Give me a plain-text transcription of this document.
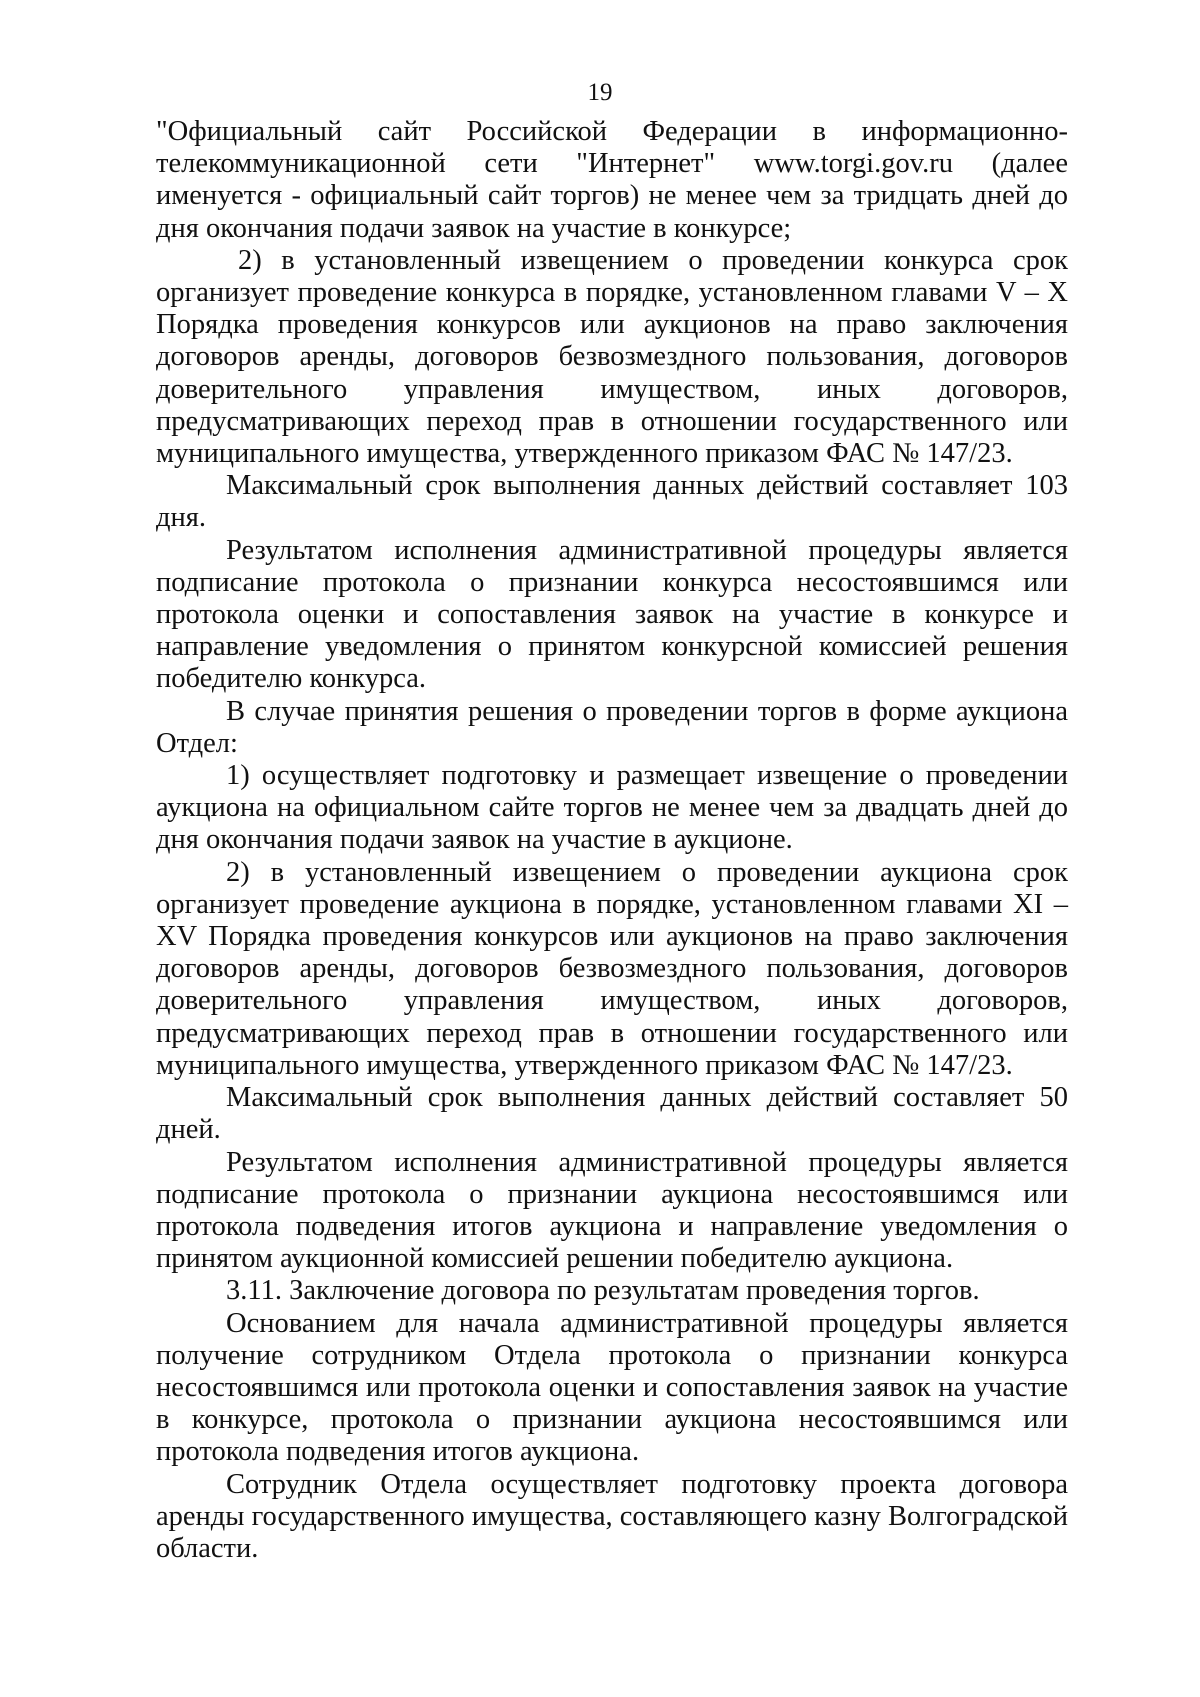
19

"Официальный сайт Российской Федерации в информационно-телекоммуникационной сети "Интернет" www.torgi.gov.ru (далее именуется - официальный сайт торгов) не менее чем за тридцать дней до дня окончания подачи заявок на участие в конкурсе;

2) в установленный извещением о проведении конкурса срок организует проведение конкурса в порядке, установленном главами V – X Порядка проведения конкурсов или аукционов на право заключения договоров аренды, договоров безвозмездного пользования, договоров доверительного управления имуществом, иных договоров, предусматривающих переход прав в отношении государственного или муниципального имущества, утвержденного приказом ФАС № 147/23.

Максимальный срок выполнения данных действий составляет 103 дня.

Результатом исполнения административной процедуры является подписание протокола о признании конкурса несостоявшимся или протокола оценки и сопоставления заявок на участие в конкурсе и направление уведомления о принятом конкурсной комиссией решения победителю конкурса.

В случае принятия решения о проведении торгов в форме аукциона Отдел:

1) осуществляет подготовку и размещает извещение о проведении аукциона на официальном сайте торгов не менее чем за двадцать дней до дня окончания подачи заявок на участие в аукционе.

2) в установленный извещением о проведении аукциона срок организует проведение аукциона в порядке, установленном главами XI – XV Порядка проведения конкурсов или аукционов на право заключения договоров аренды, договоров безвозмездного пользования, договоров доверительного управления имуществом, иных договоров, предусматривающих переход прав в отношении государственного или муниципального имущества, утвержденного приказом ФАС № 147/23.

Максимальный срок выполнения данных действий составляет 50 дней.

Результатом исполнения административной процедуры является подписание протокола о признании аукциона несостоявшимся или протокола подведения итогов аукциона и направление уведомления о принятом аукционной комиссией решении победителю аукциона.

3.11. Заключение договора по результатам проведения торгов.

Основанием для начала административной процедуры является получение сотрудником Отдела протокола о признании конкурса несостоявшимся или протокола оценки и сопоставления заявок на участие в конкурсе, протокола о признании аукциона несостоявшимся или протокола подведения итогов аукциона.

Сотрудник Отдела осуществляет подготовку проекта договора аренды государственного имущества, составляющего казну Волгоградской области.
